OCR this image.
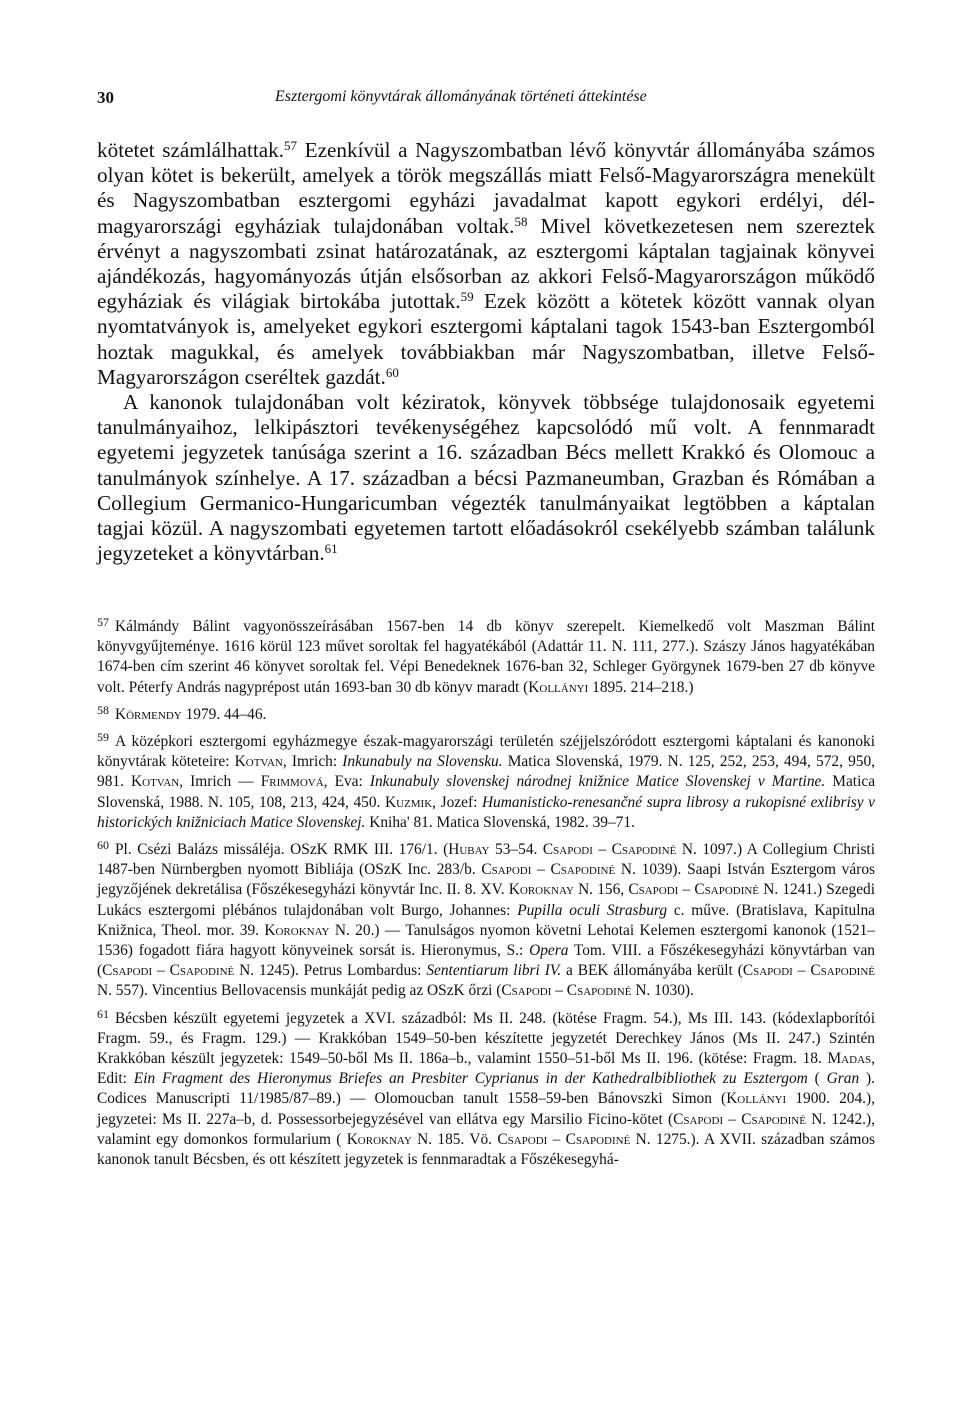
30	Esztergomi könyvtárak állományának történeti áttekintése

kötetet számlálhattak.$^{57}$ Ezenkívül a Nagyszombatban lévő könyvtár állományába számos olyan kötet is bekerült, amelyek a török megszállás miatt Felső-Magyarországra menekült és Nagyszombatban esztergomi egyházi javadalmat kapott egykori erdélyi, dél-magyarországi egyháziak tulajdonában voltak.$^{58}$ Mivel következetesen nem szereztek érvényt a nagyszombati zsinat határozatának, az esztergomi káptalan tagjainak könyvei ajándékozás, hagyományozás útján elsősorban az akkori Felső-Magyarországon működő egyháziak és világiak birtokába jutottak.$^{59}$ Ezek között a kötetek között vannak olyan nyomtatványok is, amelyeket egykori esztergomi káptalani tagok 1543-ban Esztergomból hoztak magukkal, és amelyek továbbiakban már Nagyszombatban, illetve Felső-Magyarországon cseréltek gazdát.$^{60}$

A kanonok tulajdonában volt kéziratok, könyvek többsége tulajdonosaik egyetemi tanulmányaihoz, lelkipásztori tevékenységéhez kapcsolódó mű volt. A fennmaradt egyetemi jegyzetek tanúsága szerint a 16. században Bécs mellett Krakkó és Olomouc a tanulmányok színhelye. A 17. században a bécsi Pazmaneumban, Grazban és Rómában a Collegium Germanico-Hungaricumban végezték tanulmányaikat legtöbben a káptalan tagjai közül. A nagyszombati egyetemen tartott előadásokról csekélyebb számban találunk jegyzeteket a könyvtárban.$^{61}$

$^{57}$ Kálmándy Bálint vagyonösszeírásában 1567-ben 14 db könyv szerepelt. Kiemelkedő volt Maszman Bálint könyvgyűjteménye. 1616 körül 123 művet soroltak fel hagyatékából (Adattár 11. N. 111, 277.). Szászy János hagyatékában 1674-ben cím szerint 46 könyvet soroltak fel. Vépi Benedeknek 1676-ban 32, Schleger Györgynek 1679-ben 27 db könyve volt. Péterfy András nagyprépost után 1693-ban 30 db könyv maradt (Kollányi 1895. 214–218.)

$^{58}$ Körmendy 1979. 44–46.

$^{59}$ A középkori esztergomi egyházmegye észak-magyarországi területén széjjelszóródott esztergomi káptalani és kanonoki könyvtárak köteteire: Kotvan, Imrich: Inkunabuly na Slovensku. Matica Slovenská, 1979. N. 125, 252, 253, 494, 572, 950, 981. Kotvan, Imrich — Frimmová, Eva: Inkunabuly slovenskej národnej knižnice Matice Slovenskej v Martine. Matica Slovenská, 1988. N. 105, 108, 213, 424, 450. Kuzmik, Jozef: Humanisticko-renesančné supra librosy a rukopisné exlibrisy v historických knižniciach Matice Slovenskej. Kniha' 81. Matica Slovenská, 1982. 39–71.

$^{60}$ Pl. Csézi Balázs missáléja. OSzK RMK III. 176/1. (Hubay 53–54. Csapodi – Csapodiné N. 1097.) A Collegium Christi 1487-ben Nürnbergben nyomott Bibliája (OSzK Inc. 283/b. Csapodi – Csapodiné N. 1039). Saapi István Esztergom város jegyzőjének dekretálisa (Főszékesegyházi könyvtár Inc. II. 8. XV. Koroknay N. 156, Csapodi – Csapodiné N. 1241.) Szegedi Lukács esztergomi plébános tulajdonában volt Burgo, Johannes: Pupilla oculi Strasburg c. műve. (Bratislava, Kapitulna Knižnica, Theol. mor. 39. Koroknay N. 20.) — Tanulságos nyomon követni Lehotai Kelemen esztergomi kanonok (1521–1536) fogadott fiára hagyott könyveinek sorsát is. Hieronymus, S.: Opera Tom. VIII. a Főszékesegyházi könyvtárban van (Csapodi – Csapodiné N. 1245). Petrus Lombardus: Sententiarum libri IV. a BEK állományába került (Csapodi – Csapodiné N. 557). Vincentius Bellovacensis munkáját pedig az OSzK őrzi (Csapodi – Csapodiné N. 1030).

$^{61}$ Bécsben készült egyetemi jegyzetek a XVI. századból: Ms II. 248. (kötése Fragm. 54.), Ms III. 143. (kódexlapborítói Fragm. 59., és Fragm. 129.) — Krakkóban 1549–50-ben készítette jegyzetét Derechkey János (Ms II. 247.) Szintén Krakkóban készült jegyzetek: 1549–50-ből Ms II. 186a–b., valamint 1550–51-ből Ms II. 196. (kötése: Fragm. 18. Madas, Edit: Ein Fragment des Hieronymus Briefes an Presbiter Cyprianus in der Kathedralbibliothek zu Esztergom ( Gran ). Codices Manuscripti 11/1985/87–89.) — Olomoucban tanult 1558–59-ben Bánovszki Simon (Kollányi 1900. 204.), jegyzetei: Ms II. 227a–b, d. Possessorbejegyzésével van ellátva egy Marsilio Ficino-kötet (Csapodi – Csapodiné N. 1242.), valamint egy domonkos formularium ( Koroknay N. 185. Vö. Csapodi – Csapodiné N. 1275.). A XVII. században számos kanonok tanult Bécsben, és ott készített jegyzetek is fennmaradtak a Főszékesegyhá-
